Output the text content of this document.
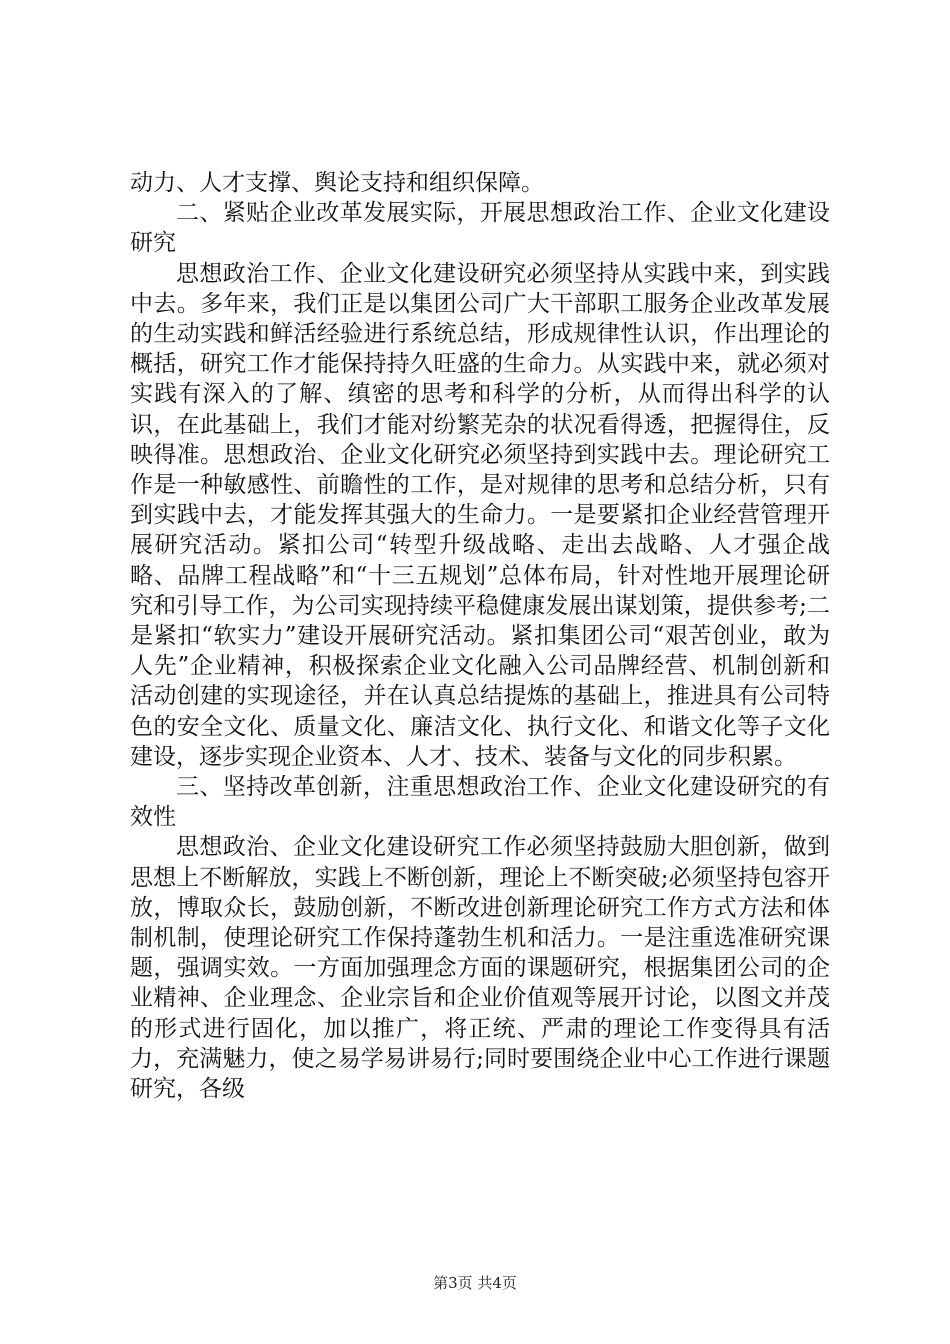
动力、人才支撑、舆论支持和组织保障。

二、紧贴企业改革发展实际，开展思想政治工作、企业文化建设研究

思想政治工作、企业文化建设研究必须坚持从实践中来，到实践中去。多年来，我们正是以集团公司广大干部职工服务企业改革发展的生动实践和鲜活经验进行系统总结，形成规律性认识，作出理论的概括，研究工作才能保持持久旺盛的生命力。从实践中来，就必须对实践有深入的了解、缜密的思考和科学的分析，从而得出科学的认识，在此基础上，我们才能对纷繁芜杂的状况看得透，把握得住，反映得准。思想政治、企业文化研究必须坚持到实践中去。理论研究工作是一种敏感性、前瞻性的工作，是对规律的思考和总结分析，只有到实践中去，才能发挥其强大的生命力。一是要紧扣企业经营管理开展研究活动。紧扣公司“转型升级战略、走出去战略、人才强企战略、品牌工程战略”和“十三五规划”总体布局，针对性地开展理论研究和引导工作，为公司实现持续平稳健康发展出谋划策，提供参考;二是紧扣“软实力”建设开展研究活动。紧扣集团公司“艰苦创业，敢为人先”企业精神，积极探索企业文化融入公司品牌经营、机制创新和活动创建的实现途径，并在认真总结提炼的基础上，推进具有公司特色的安全文化、质量文化、廉洁文化、执行文化、和谐文化等子文化建设，逐步实现企业资本、人才、技术、装备与文化的同步积累。

三、坚持改革创新，注重思想政治工作、企业文化建设研究的有效性

思想政治、企业文化建设研究工作必须坚持鼓励大胆创新，做到思想上不断解放，实践上不断创新，理论上不断突破;必须坚持包容开放，博取众长，鼓励创新，不断改进创新理论研究工作方式方法和体制机制，使理论研究工作保持蓬勃生机和活力。一是注重选准研究课题，强调实效。一方面加强理念方面的课题研究，根据集团公司的企业精神、企业理念、企业宗旨和企业价值观等展开讨论，以图文并茂的形式进行固化，加以推广，将正统、严肃的理论工作变得具有活力，充满魅力，使之易学易讲易行;同时要围绕企业中心工作进行课题研究，各级

第3页 共4页
